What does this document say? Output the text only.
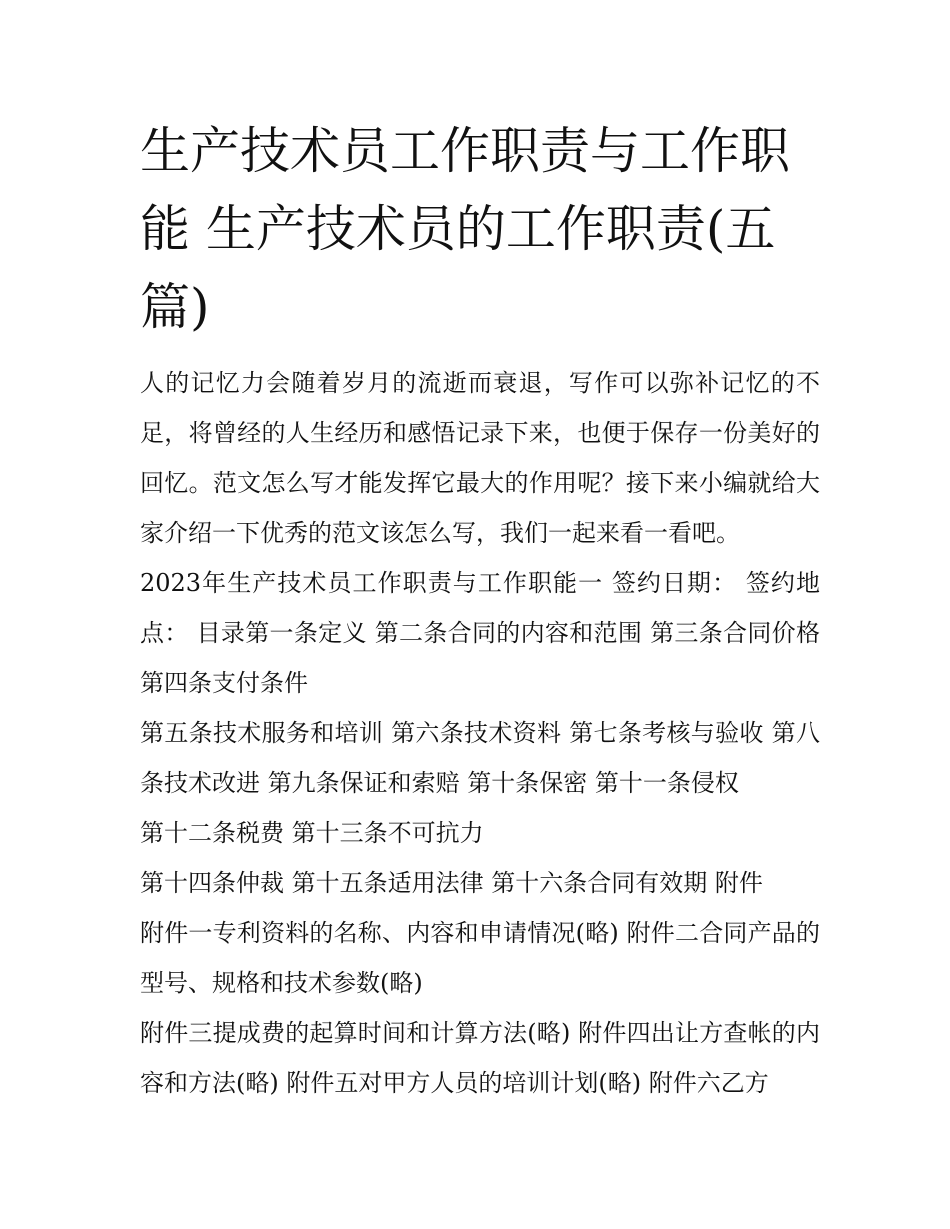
生产技术员工作职责与工作职能 生产技术员的工作职责(五篇)

人的记忆力会随着岁月的流逝而衰退，写作可以弥补记忆的不足，将曾经的人生经历和感悟记录下来，也便于保存一份美好的回忆。范文怎么写才能发挥它最大的作用呢？接下来小编就给大家介绍一下优秀的范文该怎么写，我们一起来看一看吧。

2023年生产技术员工作职责与工作职能一 签约日期： 签约地点： 目录第一条定义 第二条合同的内容和范围 第三条合同价格 第四条支付条件

第五条技术服务和培训 第六条技术资料 第七条考核与验收 第八条技术改进 第九条保证和索赔 第十条保密 第十一条侵权

第十二条税费 第十三条不可抗力

第十四条仲裁 第十五条适用法律 第十六条合同有效期 附件

附件一专利资料的名称、内容和申请情况(略) 附件二合同产品的型号、规格和技术参数(略)

附件三提成费的起算时间和计算方法(略) 附件四出让方查帐的内容和方法(略) 附件五对甲方人员的培训计划(略) 附件六乙方
